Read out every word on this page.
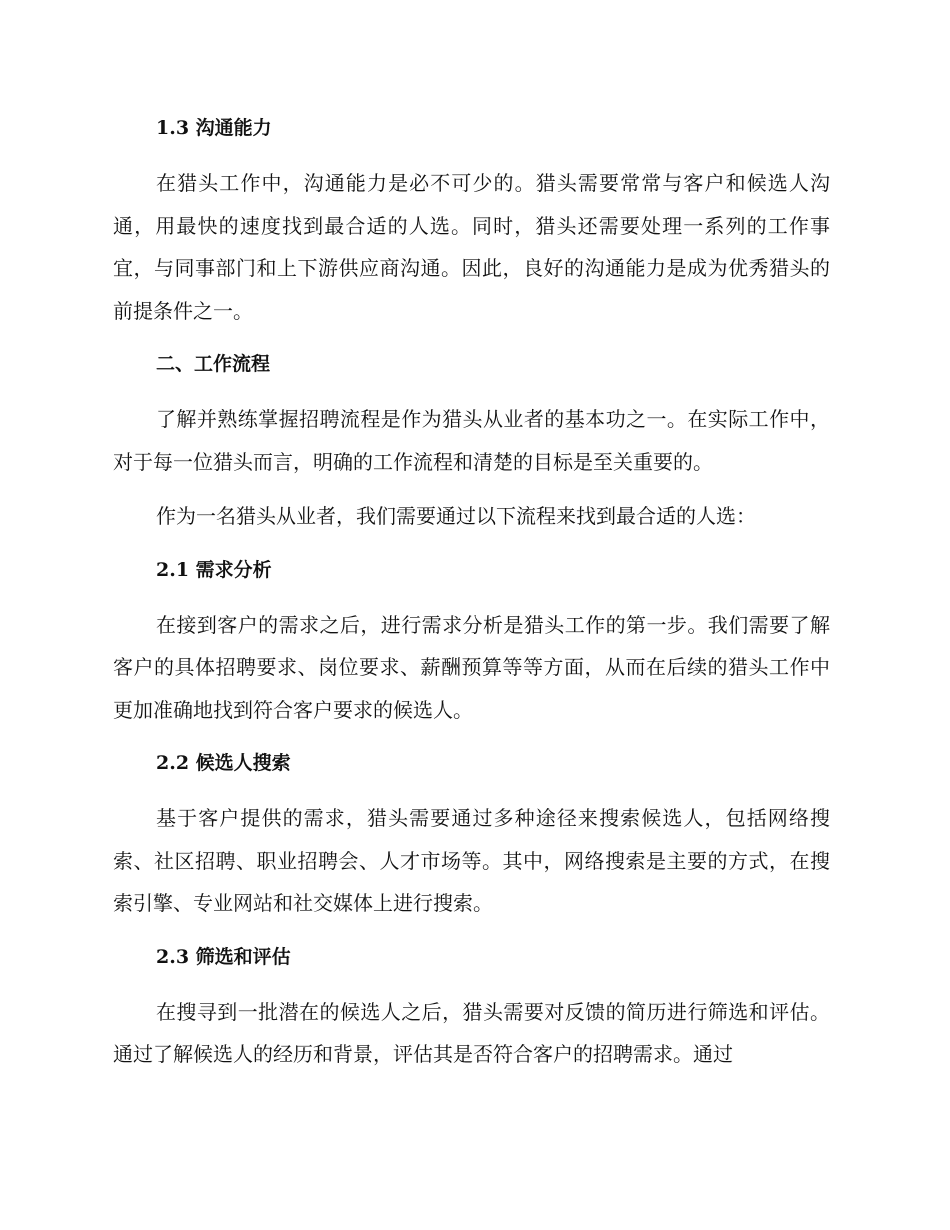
1.3 沟通能力

在猎头工作中，沟通能力是必不可少的。猎头需要常常与客户和候选人沟通，用最快的速度找到最合适的人选。同时，猎头还需要处理一系列的工作事宜，与同事部门和上下游供应商沟通。因此，良好的沟通能力是成为优秀猎头的前提条件之一。

二、工作流程

了解并熟练掌握招聘流程是作为猎头从业者的基本功之一。在实际工作中，对于每一位猎头而言，明确的工作流程和清楚的目标是至关重要的。

作为一名猎头从业者，我们需要通过以下流程来找到最合适的人选：

2.1 需求分析

在接到客户的需求之后，进行需求分析是猎头工作的第一步。我们需要了解客户的具体招聘要求、岗位要求、薪酬预算等等方面，从而在后续的猎头工作中更加准确地找到符合客户要求的候选人。

2.2 候选人搜索

基于客户提供的需求，猎头需要通过多种途径来搜索候选人，包括网络搜索、社区招聘、职业招聘会、人才市场等。其中，网络搜索是主要的方式，在搜索引擎、专业网站和社交媒体上进行搜索。

2.3 筛选和评估

在搜寻到一批潜在的候选人之后，猎头需要对反馈的简历进行筛选和评估。通过了解候选人的经历和背景，评估其是否符合客户的招聘需求。通过
